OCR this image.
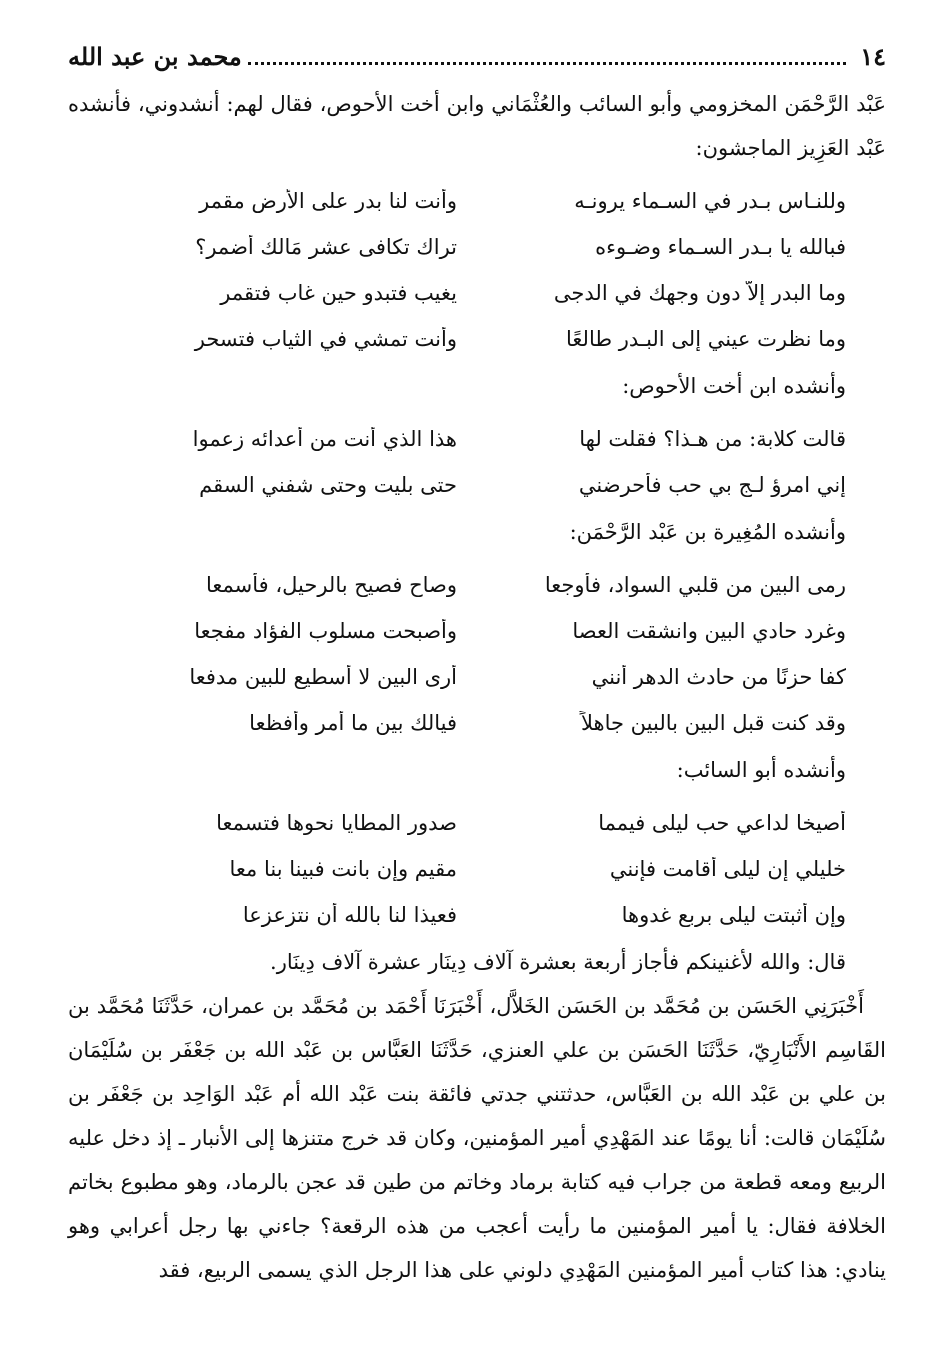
١٤
محمد بن عبد الله

عَبْد الرَّحْمَن المخزومي وأبو السائب والعُثْمَاني وابن أخت الأحوص، فقال لهم: أنشدوني، فأنشده عَبْد العَزِيز الماجشون:

وللنـاس بـدر في السـماء يرونـه
وأنت لنا بدر على الأرض مقمر
فبالله يا بـدر السـماء وضـوءه
تراك تكافى عشر مَالك أضمر؟
وما البدر إلاّ دون وجهك في الدجى
يغيب فتبدو حين غاب فتقمر
وما نظرت عيني إلى البـدر طالعًا
وأنت تمشي في الثياب فتسحر

وأنشده ابن أخت الأحوص:

قالت كلابة: من هـذا؟ فقلت لها
هذا الذي أنت من أعدائه زعموا
إني امرؤ لـج بي حب فأحرضني
حتى بليت وحتى شفني السقم

وأنشده المُغِيرة بن عَبْد الرَّحْمَن:

رمى البين من قلبي السواد، فأوجعا
وصاح فصيح بالرحيل، فأسمعا
وغرد حادي البين وانشقت العصا
وأصبحت مسلوب الفؤاد مفجعا
كفا حزنًا من حادث الدهر أنني
أرى البين لا أسطيع للبين مدفعا
وقد كنت قبل البين بالبين جاهلاً
فيالك بين ما أمر وأفظعا

وأنشده أبو السائب:

أصيخا لداعي حب ليلى فيمما
صدور المطايا نحوها فتسمعا
خليلي إن ليلى أقامت فإنني
مقيم وإن بانت فبينا بنا معا
وإن أثبتت ليلى بربع غدوها
فعيذا لنا بالله أن نتزعزعا

قال: والله لأغنينكم فأجاز أربعة بعشرة آلاف دِينَار عشرة آلاف دِينَار.

أَخْبَرَنِي الحَسَن بن مُحَمَّد بن الحَسَن الخَلاَّل، أَخْبَرَنَا أَحْمَد بن مُحَمَّد بن عمران، حَدَّثَنَا مُحَمَّد بن القَاسِم الأَنْبَارِيّ، حَدَّثَنَا الحَسَن بن علي العنزي، حَدَّثَنَا العَبَّاس بن عَبْد الله بن جَعْفَر بن سُلَيْمَان بن علي بن عَبْد الله بن العَبَّاس، حدثتني جدتي فائقة بنت عَبْد الله أم عَبْد الوَاحِد بن جَعْفَر بن سُلَيْمَان قالت: أنا يومًا عند المَهْدِي أمير المؤمنين، وكان قد خرج متنزها إلى الأنبار ـ إذ دخل عليه الربيع ومعه قطعة من جراب فيه كتابة برماد وخاتم من طين قد عجن بالرماد، وهو مطبوع بخاتم الخلافة فقال: يا أمير المؤمنين ما رأيت أعجب من هذه الرقعة؟ جاءني بها رجل أعرابي وهو ينادي: هذا كتاب أمير المؤمنين المَهْدِي دلوني على هذا الرجل الذي يسمى الربيع، فقد
